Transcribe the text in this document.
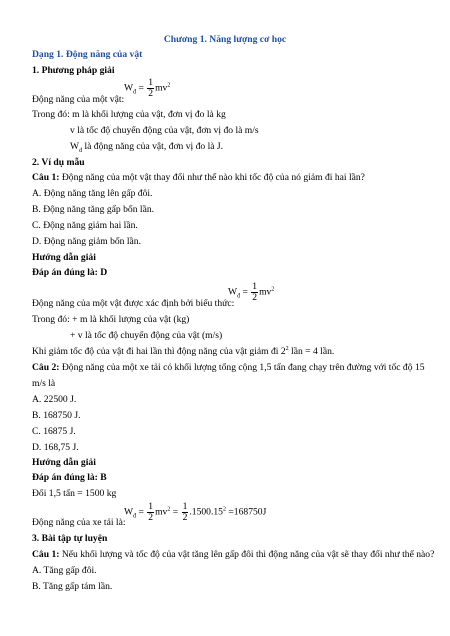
Chương 1. Năng lượng cơ học
Dạng 1. Động năng của vật
1. Phương pháp giải
$W_đ = \frac{1}{2} mv^2$
Động năng của một vật:
Trong đó: m là khối lượng của vật, đơn vị đo là kg
v là tốc độ chuyển động của vật, đơn vị đo là m/s
$W_đ$ là động năng của vật, đơn vị đo là J.
2. Ví dụ mẫu
Câu 1: Động năng của một vật thay đổi như thế nào khi tốc độ của nó giảm đi hai lần?
A. Động năng tăng lên gấp đôi.
B. Động năng tăng gấp bốn lần.
C. Động năng giảm hai lần.
D. Động năng giảm bốn lần.
Hướng dẫn giải
Đáp án đúng là: D
$W_đ = \frac{1}{2} mv^2$
Động năng của một vật được xác định bởi biểu thức:
Trong đó: + m là khối lượng của vật (kg)
+ v là tốc độ chuyển động của vật (m/s)
Khi giảm tốc độ của vật đi hai lần thì động năng của vật giảm đi $2^2$ lần = 4 lần.
Câu 2: Động năng của một xe tải có khối lượng tổng cộng 1,5 tấn đang chạy trên đường với tốc độ 15
m/s là
A. 22500 J.
B. 168750 J.
C. 16875 J.
D. 168,75 J.
Hướng dẫn giải
Đáp án đúng là: B
Đổi 1,5 tấn = 1500 kg
$W_đ = \frac{1}{2} mv^2 = \frac{1}{2} .1500.15^2 =168750J$
Động năng của xe tải là:
3. Bài tập tự luyện
Câu 1: Nếu khối lượng và tốc độ của vật tăng lên gấp đôi thì động năng của vật sẽ thay đổi như thế nào?
A. Tăng gấp đôi.
B. Tăng gấp tám lần.
